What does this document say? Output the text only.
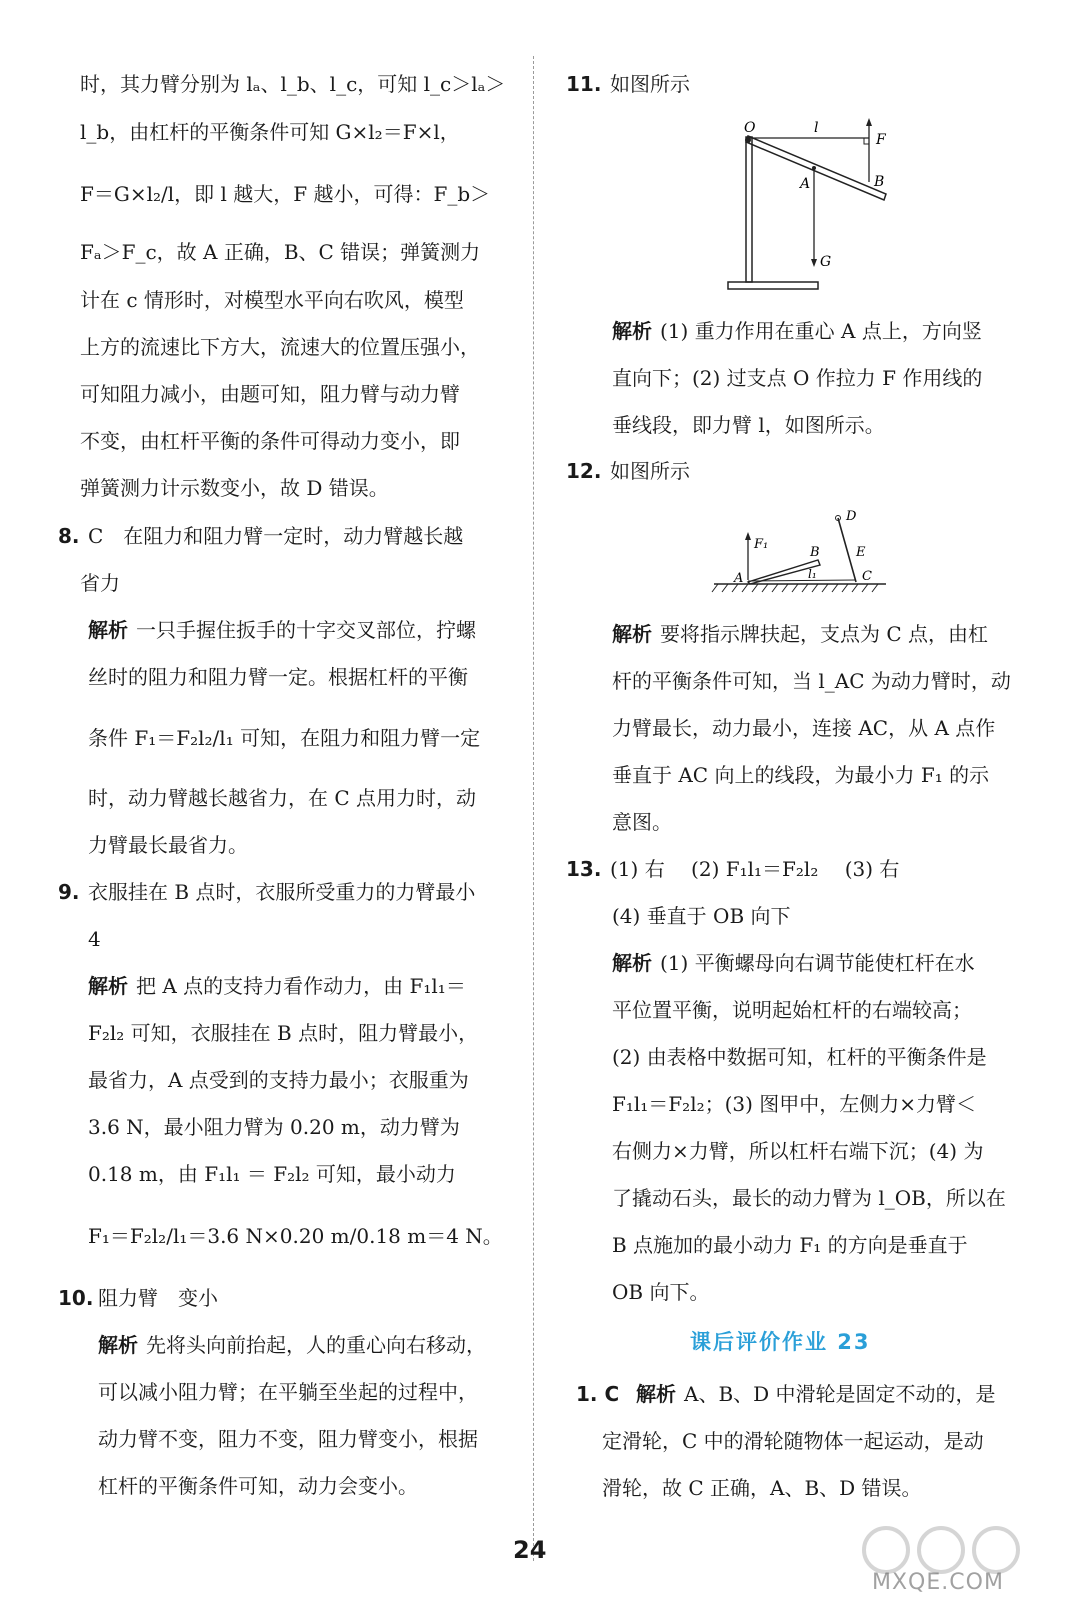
时，其力臂分别为 lₐ、l_b、l_c，可知 l_c＞lₐ＞
l_b，由杠杆的平衡条件可知 G×l₂＝F×l，
F＝G×l₂/l，即 l 越大，F 越小，可得：F_b＞
Fₐ＞F_c，故 A 正确，B、C 错误；弹簧测力
计在 c 情形时，对模型水平向右吹风，模型
上方的流速比下方大，流速大的位置压强小，
可知阻力减小，由题可知，阻力臂与动力臂
不变，由杠杆平衡的条件可得动力变小，即
弹簧测力计示数变小，故 D 错误。
8. C　在阻力和阻力臂一定时，动力臂越长越
省力
解析 一只手握住扳手的十字交叉部位，拧螺
丝时的阻力和阻力臂一定。根据杠杆的平衡
条件 F₁＝F₂l₂/l₁ 可知，在阻力和阻力臂一定
时，动力臂越长越省力，在 C 点用力时，动
力臂最长最省力。
9. 衣服挂在 B 点时，衣服所受重力的力臂最小
4
解析 把 A 点的支持力看作动力，由 F₁l₁＝
F₂l₂ 可知，衣服挂在 B 点时，阻力臂最小，
最省力，A 点受到的支持力最小；衣服重为
3.6 N，最小阻力臂为 0.20 m，动力臂为
0.18 m，由 F₁l₁ ＝ F₂l₂ 可知，最小动力
F₁＝F₂l₂/l₁＝3.6 N×0.20 m/0.18 m＝4 N。
10. 阻力臂　变小
解析 先将头向前抬起，人的重心向右移动，
可以减小阻力臂；在平躺至坐起的过程中，
动力臂不变，阻力不变，阻力臂变小，根据
杠杆的平衡条件可知，动力会变小。
11. 如图所示
O	l
F
A	B
G
解析 (1) 重力作用在重心 A 点上，方向竖
直向下；(2) 过支点 O 作拉力 F 作用线的
垂线段，即力臂 l，如图所示。
12. 如图所示
F₁
A
B
l₁	C
D
E
解析 要将指示牌扶起，支点为 C 点，由杠
杆的平衡条件可知，当 l_AC 为动力臂时，动
力臂最长，动力最小，连接 AC，从 A 点作
垂直于 AC 向上的线段，为最小力 F₁ 的示
意图。
13. (1) 右　 (2) F₁l₁＝F₂l₂　 (3) 右
(4) 垂直于 OB 向下
解析 (1) 平衡螺母向右调节能使杠杆在水
平位置平衡，说明起始杠杆的右端较高；
(2) 由表格中数据可知，杠杆的平衡条件是
F₁l₁＝F₂l₂；(3) 图甲中，左侧力×力臂＜
右侧力×力臂，所以杠杆右端下沉；(4) 为
了撬动石头，最长的动力臂为 l_OB，所以在
B 点施加的最小动力 F₁ 的方向是垂直于
OB 向下。
课后评价作业 23
1. C 解析 A、B、D 中滑轮是固定不动的，是
定滑轮，C 中的滑轮随物体一起运动，是动
滑轮，故 C 正确，A、B、D 错误。
24
MXQE.COM
